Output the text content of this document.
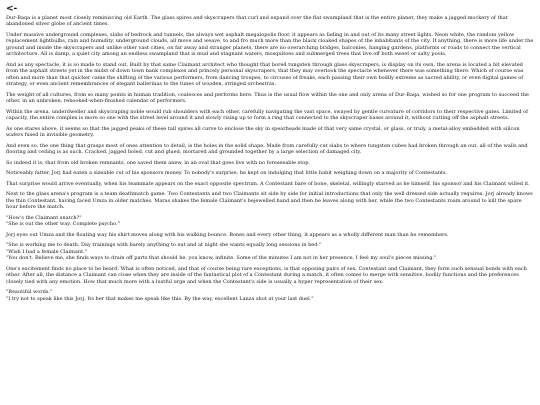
<-

Dur-Baqa is a planet most closely reminiscing old Earth. The glass spires and skyscrapers that curl and expand over the flat swampland that is the entire planet, they make a jagged mockery of that abandoned silver globe of ancient times.

Under massive underground complexes, slabs of bedrock and tunnels, the always wet asphalt megalopolis floor, it appears as fading in and out of its many street lights. Neon white, the random yellow replacement lightbulbs, rain and humidity, underground clouds, all move and weave, to and fro much more than the black cloaked shapes of the inhabitants of the city. If anything, there is more life under the ground and inside the skyscrapers and unlike other vast cities, on far away and stranger planets, there are no overarching bridges, balconies, hanging gardens, platforms or roads to connect the vertical architecture. All is damp, a quiet city among an endless swampland that is mud and stagnant waters, mosquitoes and submerged trees that live off both sweet or salty pools.

And as any spectacle, it is so made to stand out. Built by that same Claimant architect who thought that bored tungsten through glass skyscrapers, is display on its own, the arena is located a bit elevated from the asphalt streets yet in the midst of down town bank complexes and princely personal skyscrapers, that they may overlook the spectacle whenever there was something there. Which of course was often and more than that quicker came the shifting of the various performers, from dancing troupes, to circuses of freaks, each passing their own bodily extreme as sacred ability, or even digital games of strategy, or even ancient remembrances of elegant ballerinas to the tunes of wooden, stringed orchestras.

The weight of all cultures, from so many points in human tradition, coalesces and performs here. Thus is the usual flow within the one and only arena of Dur-Baqa, wished so for one program to succeed the other, in an unbroken, rebooked-when-finished calendar of performers.

Within the arena, underdweller and skyscraping noble would rub shoulders with each other, carefully navigating the vast space, swayed by gentle curvature of corridors to their respective gates. Limited of capacity, the entire complex is more so one with the street level around it and slowly rising up to form a ring that connected to the skyscraper bases around it, without cutting off the asphalt streets.

As one stares above, it seems so that the jagged peaks of these tall spires all curve to enclose the sky in spearheads made of that very same crystal, or glass, or truly, a metal-alloy embedded with silicon wafers fused in invisible geometry.

And even so, the one thing that grasps most of ones attention to detail, is the holes in the solid shape. Made from carefully cut slabs to where tungsten cubes had broken through an out, all of the walls and flooring and ceiling is as such. Cracked, jagged holed, cut and glued, mortared and grounded together by a large selection of damaged city.

So indeed it is, that from old broken remnants, one saved them anew, in an oval that goes live with no foreseeable stop.

Noticeably fatter, Jorj had eaten a sizeable cut of his sponsors money. To nobody's surprise, he kept on indulging that little habit weighing down on a majority of Contestants.

That surprise would arrive eventually, when his teammate appears on the exact opposite spectrum. A Contestant bare of bone, skeletal, willingly starved as he himself, his sponsor and his Claimant willed it.

Next to the glass arena's program is a team deathmatch game. Two Contestants and two Claimants sit side by side for initial introductions that only the well dressed side actually requires. Jorj already knows the thin Contestant, having faced Umza in older matches. Maras shakes the female Claimant's bejewelled hand and then he leaves along with her, while the two Contestants roam around to kill the spare hour before the match.

"How's the Claimant snatch?"
"She is out the other way. Complete psycho."

Jorj eyes out Umza and the floating way his shirt moves along with his walking bounce. Bones and every other thing, it appears as a wholly different man than he remembers.

"She is working me to death. Day trainings with barely anything to eat and at night she wants equally long sessions in bed."
"Wish I had a female Claimant."
"You don't. Believe me, she finds ways to drain off parts that should be, you know, infinite. Some of the minutes I am not in her presence, I feel my soul's pieces missing."

One's excitement finds no place to be heard. What is often noticed, and that of course being rare exceptions, is that opposing pairs of sex, Contestant and Claimant, they form such sensual bonds with each other. After all, the distance a Claimant can close when they are inside of the fantastical plot of a Contestant during a match, it often comes to merge with sensitive, bodily functions and the preferences closely tied with any emotion. How that much more with a lustful urge and when the Contestant's side is usually a hyper representation of their sex.

"Beautiful words."
"I try not to speak like this Jorj. Its her that makes me speak like this. By the way, excellent Lanza shot at your last duel."
